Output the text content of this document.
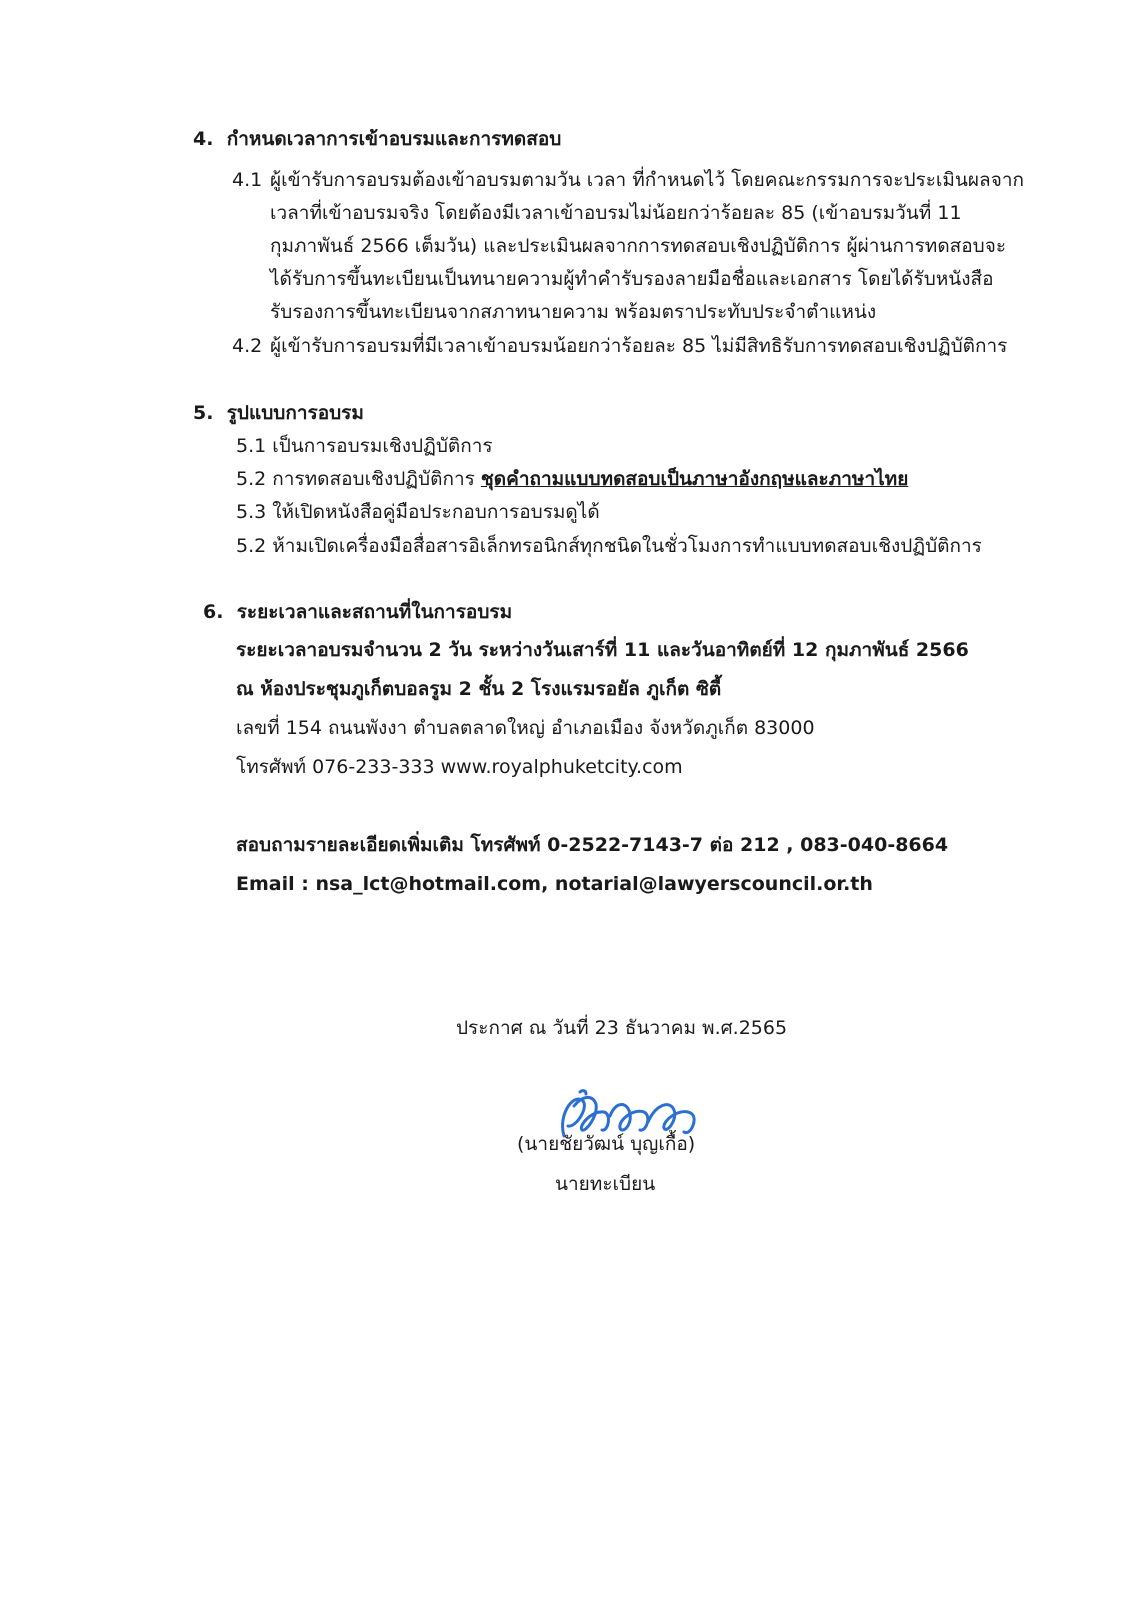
4. กำหนดเวลาการเข้าอบรมและการทดสอบ
4.1 ผู้เข้ารับการอบรมต้องเข้าอบรมตามวัน เวลา ที่กำหนดไว้ โดยคณะกรรมการจะประเมินผลจาก
เวลาที่เข้าอบรมจริง โดยต้องมีเวลาเข้าอบรมไม่น้อยกว่าร้อยละ 85 (เข้าอบรมวันที่ 11
กุมภาพันธ์ 2566 เต็มวัน) และประเมินผลจากการทดสอบเชิงปฏิบัติการ ผู้ผ่านการทดสอบจะ
ได้รับการขึ้นทะเบียนเป็นทนายความผู้ทำคำรับรองลายมือชื่อและเอกสาร โดยได้รับหนังสือ
รับรองการขึ้นทะเบียนจากสภาทนายความ พร้อมตราประทับประจำตำแหน่ง
4.2 ผู้เข้ารับการอบรมที่มีเวลาเข้าอบรมน้อยกว่าร้อยละ 85 ไม่มีสิทธิรับการทดสอบเชิงปฏิบัติการ
5. รูปแบบการอบรม
5.1 เป็นการอบรมเชิงปฏิบัติการ
5.2 การทดสอบเชิงปฏิบัติการ ชุดคำถามแบบทดสอบเป็นภาษาอังกฤษและภาษาไทย
5.3 ให้เปิดหนังสือคู่มือประกอบการอบรมดูได้
5.2 ห้ามเปิดเครื่องมือสื่อสารอิเล็กทรอนิกส์ทุกชนิดในชั่วโมงการทำแบบทดสอบเชิงปฏิบัติการ
6. ระยะเวลาและสถานที่ในการอบรม
ระยะเวลาอบรมจำนวน 2 วัน ระหว่างวันเสาร์ที่ 11 และวันอาทิตย์ที่ 12 กุมภาพันธ์ 2566
ณ ห้องประชุมภูเก็ตบอลรูม 2 ชั้น 2 โรงแรมรอยัล ภูเก็ต ซิตี้
เลขที่ 154 ถนนพังงา ตำบลตลาดใหญ่ อำเภอเมือง จังหวัดภูเก็ต 83000
โทรศัพท์ 076-233-333 www.royalphuketcity.com
สอบถามรายละเอียดเพิ่มเติม โทรศัพท์ 0-2522-7143-7 ต่อ 212 , 083-040-8664
Email : nsa_lct@hotmail.com, notarial@lawyerscouncil.or.th
ประกาศ ณ วันที่ 23 ธันวาคม พ.ศ.2565
(นายชัยวัฒน์ บุญเกื้อ)
นายทะเบียน
